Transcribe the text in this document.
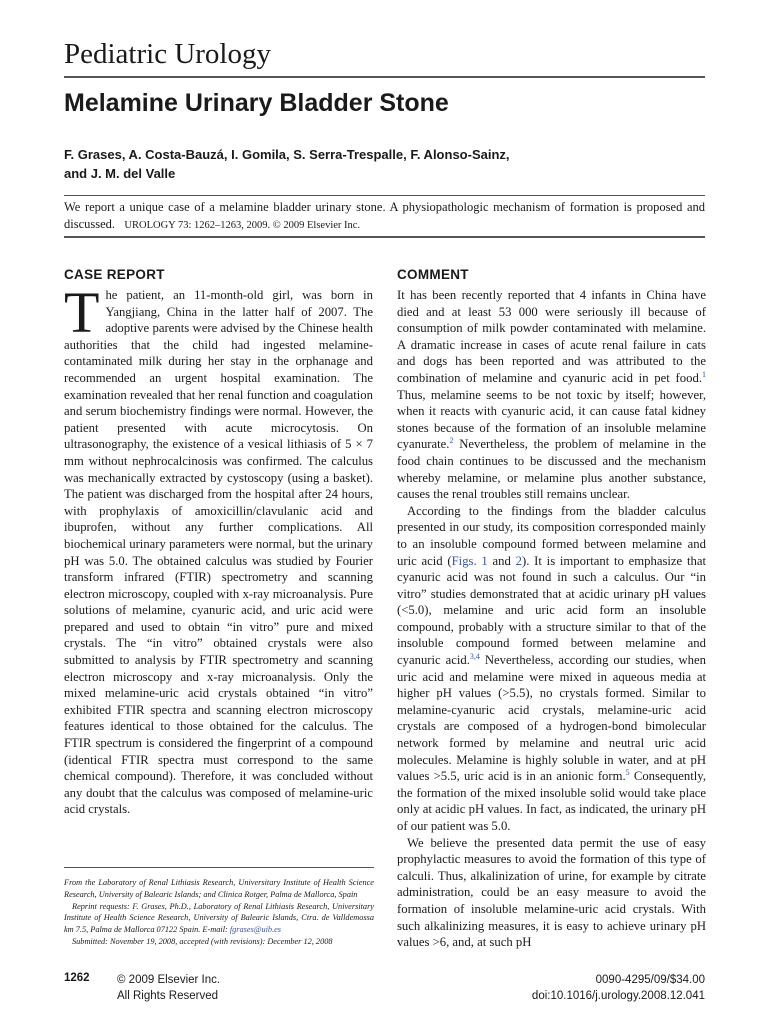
Pediatric Urology
Melamine Urinary Bladder Stone
F. Grases, A. Costa-Bauzá, I. Gomila, S. Serra-Trespalle, F. Alonso-Sainz,
and J. M. del Valle
We report a unique case of a melamine bladder urinary stone. A physiopathologic mechanism of formation is proposed and discussed. UROLOGY 73: 1262–1263, 2009. © 2009 Elsevier Inc.
CASE REPORT	COMMENT

The patient, an 11-month-old girl, was born in Yangjiang, China in the latter half of 2007. The adoptive parents were advised by the Chinese health authorities that the child had ingested melamine-contaminated milk during her stay in the orphanage and recommended an urgent hospital examination. The examination revealed that her renal function and coagulation and serum biochemistry findings were normal. However, the patient presented with acute microcytosis. On ultrasonography, the existence of a vesical lithiasis of 5 × 7 mm without nephrocalcinosis was confirmed. The calculus was mechanically extracted by cystoscopy (using a basket). The patient was discharged from the hospital after 24 hours, with prophylaxis of amoxicillin/clavulanic acid and ibuprofen, without any further complications. All biochemical urinary parameters were normal, but the urinary pH was 5.0. The obtained calculus was studied by Fourier transform infrared (FTIR) spectrometry and scanning electron microscopy, coupled with x-ray microanalysis. Pure solutions of melamine, cyanuric acid, and uric acid were prepared and used to obtain “in vitro” pure and mixed crystals. The “in vitro” obtained crystals were also submitted to analysis by FTIR spectrometry and scanning electron microscopy and x-ray microanalysis. Only the mixed melamine-uric acid crystals obtained “in vitro” exhibited FTIR spectra and scanning electron microscopy features identical to those obtained for the calculus. The FTIR spectrum is considered the fingerprint of a compound (identical FTIR spectra must correspond to the same chemical compound). Therefore, it was concluded without any doubt that the calculus was composed of melamine-uric acid crystals.

It has been recently reported that 4 infants in China have died and at least 53 000 were seriously ill because of consumption of milk powder contaminated with melamine. A dramatic increase in cases of acute renal failure in cats and dogs has been reported and was attributed to the combination of melamine and cyanuric acid in pet food.$^1$ Thus, melamine seems to be not toxic by itself; however, when it reacts with cyanuric acid, it can cause fatal kidney stones because of the formation of an insoluble melamine cyanurate.$^2$ Nevertheless, the problem of melamine in the food chain continues to be discussed and the mechanism whereby melamine, or melamine plus another substance, causes the renal troubles still remains unclear.

According to the findings from the bladder calculus presented in our study, its composition corresponded mainly to an insoluble compound formed between melamine and uric acid (Figs. 1 and 2). It is important to emphasize that cyanuric acid was not found in such a calculus. Our “in vitro” studies demonstrated that at acidic urinary pH values (<5.0), melamine and uric acid form an insoluble compound, probably with a structure similar to that of the insoluble compound formed between melamine and cyanuric acid.$^{3,4}$ Nevertheless, according our studies, when uric acid and melamine were mixed in aqueous media at higher pH values (>5.5), no crystals formed. Similar to melamine-cyanuric acid crystals, melamine-uric acid crystals are composed of a hydrogen-bond bimolecular network formed by melamine and neutral uric acid molecules. Melamine is highly soluble in water, and at pH values >5.5, uric acid is in an anionic form.$^5$ Consequently, the formation of the mixed insoluble solid would take place only at acidic pH values. In fact, as indicated, the urinary pH of our patient was 5.0.

We believe the presented data permit the use of easy prophylactic measures to avoid the formation of this type of calculi. Thus, alkalinization of urine, for example by citrate administration, could be an easy measure to avoid the formation of insoluble melamine-uric acid crystals. With such alkalinizing measures, it is easy to achieve urinary pH values >6, and, at such pH

From the Laboratory of Renal Lithiasis Research, Universitary Institute of Health Science Research, University of Balearic Islands; and Clinica Rotger, Palma de Mallorca, Spain

Reprint requests: F. Grases, Ph.D., Laboratory of Renal Lithiasis Research, Universitary Institute of Health Science Research, University of Balearic Islands, Ctra. de Valldemossa km 7.5, Palma de Mallorca 07122 Spain. E-mail: fgrases@uib.es

Submitted: November 19, 2008, accepted (with revisions): December 12, 2008

1262 © 2009 Elsevier Inc.
All Rights Reserved
0090-4295/09/$34.00
doi:10.1016/j.urology.2008.12.041
